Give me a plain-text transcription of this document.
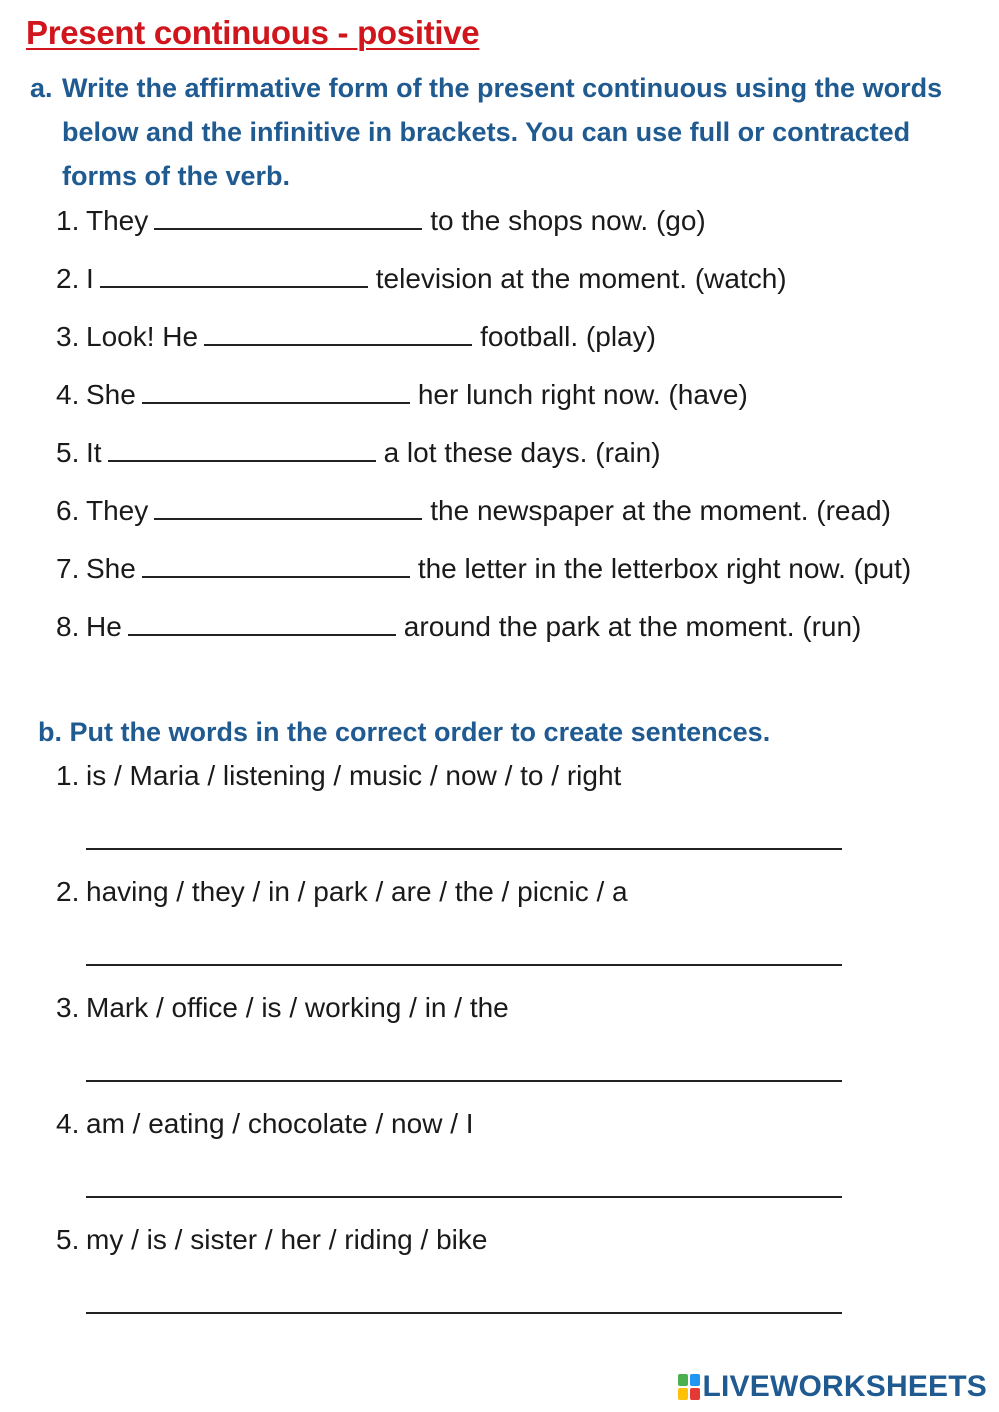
Present continuous - positive
a. Write the affirmative form of the present continuous using the words below and the infinitive in brackets. You can use full or contracted forms of the verb.
1. They	to the shops now. (go)
2. I	television at the moment. (watch)
3. Look! He	football. (play)
4. She	her lunch right now. (have)
5. It	a lot these days. (rain)
6. They	the newspaper at the moment. (read)
7. She	the letter in the letterbox right now. (put)
8. He	around the park at the moment. (run)
b. Put the words in the correct order to create sentences.
1. is / Maria / listening / music / now / to / right
2. having / they / in / park / are / the / picnic / a
3. Mark / office / is / working / in / the
4. am / eating / chocolate / now / I
5. my / is / sister / her / riding / bike
LIVEWORKSHEETS
